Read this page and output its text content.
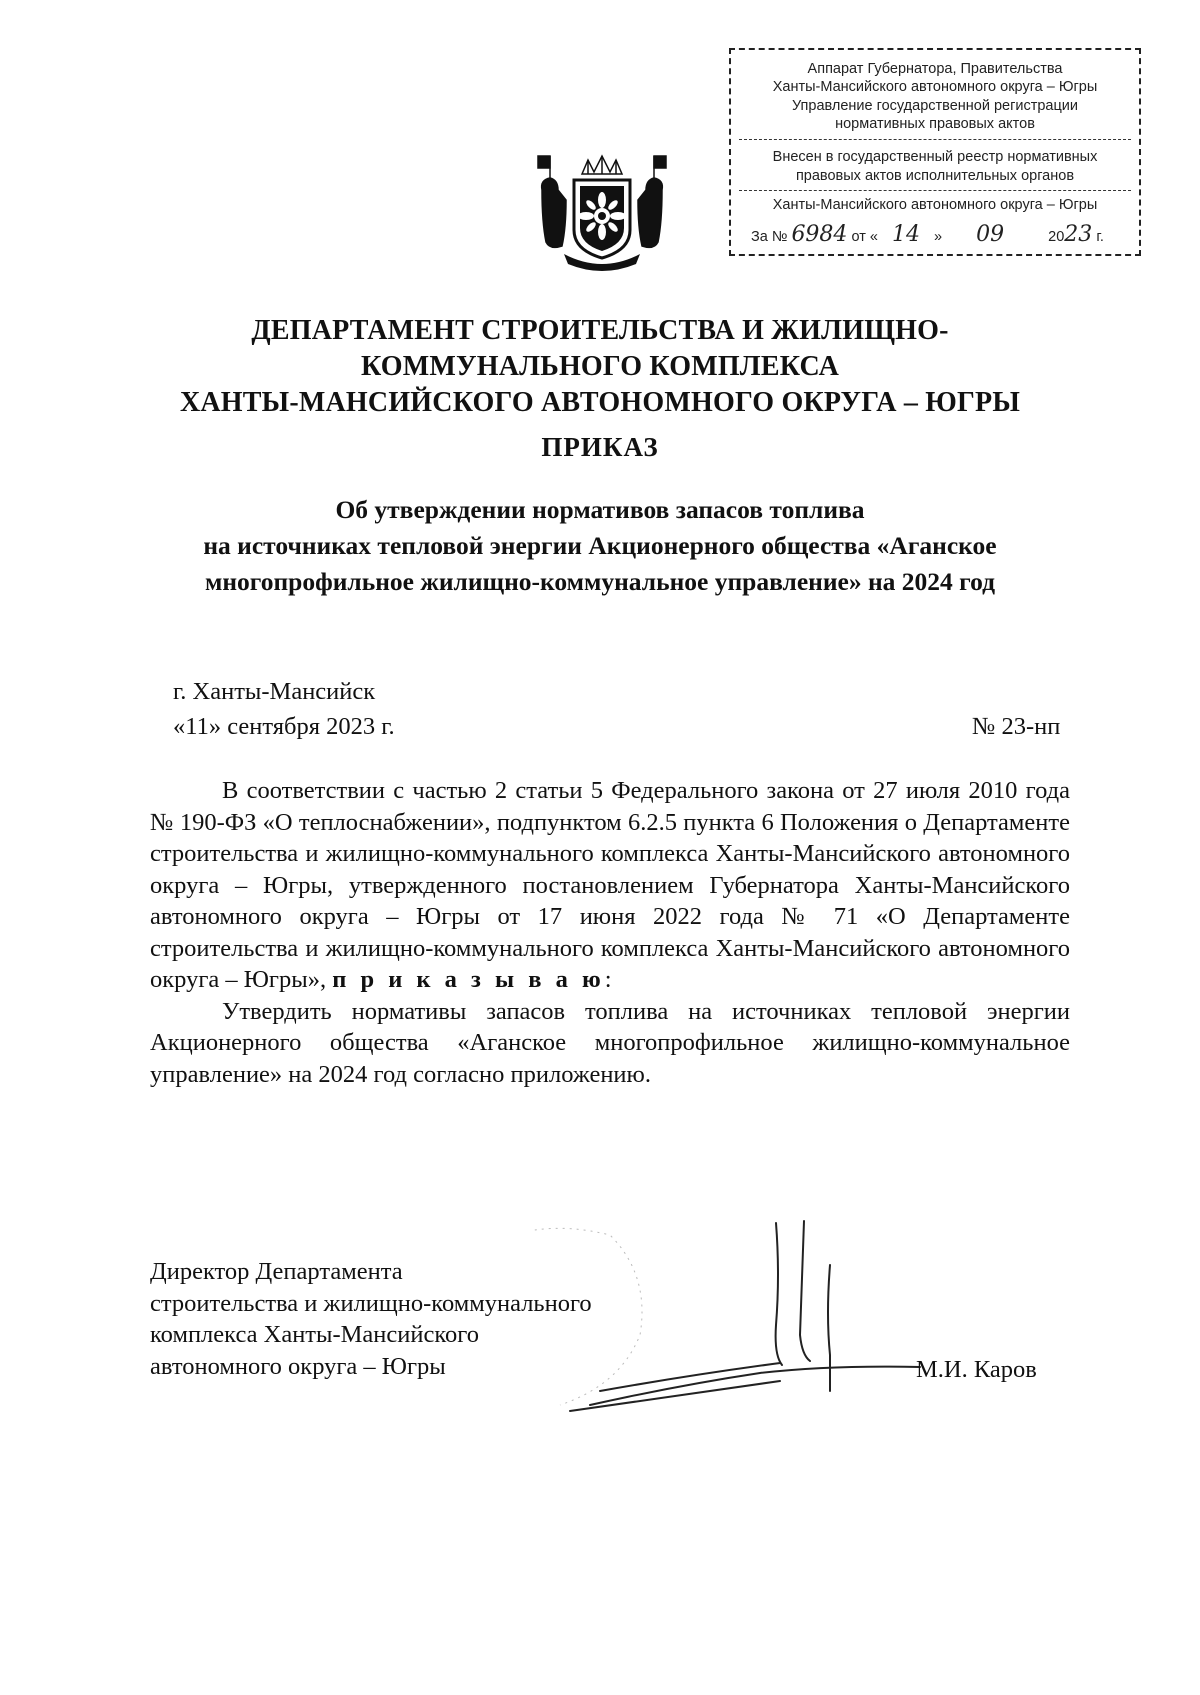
Аппарат Губернатора, Правительства
Ханты-Мансийского автономного округа – Югры
Управление государственной регистрации
нормативных правовых актов
Внесен в государственный реестр нормативных
правовых актов исполнительных органов
Ханты-Мансийского автономного округа – Югры
За № 6984 от « 14 » 09	2023 г.
ДЕПАРТАМЕНТ СТРОИТЕЛЬСТВА И ЖИЛИЩНО-
КОММУНАЛЬНОГО КОМПЛЕКСА
ХАНТЫ-МАНСИЙСКОГО АВТОНОМНОГО ОКРУГА – ЮГРЫ
ПРИКАЗ
Об утверждении нормативов запасов топлива
на источниках тепловой энергии Акционерного общества «Аганское
многопрофильное жилищно-коммунальное управление» на 2024 год
г. Ханты-Мансийск
«11» сентября 2023 г.	№ 23-нп

В соответствии с частью 2 статьи 5 Федерального закона от 27 июля 2010 года № 190-ФЗ «О теплоснабжении», подпунктом 6.2.5 пункта 6 Положения о Департаменте строительства и жилищно-коммунального комплекса Ханты-Мансийского автономного округа – Югры, утвержденного постановлением Губернатора Ханты-Мансийского автономного округа – Югры от 17 июня 2022 года № 71 «О Департаменте строительства и жилищно-коммунального комплекса Ханты-Мансийского автономного округа – Югры», п р и к а з ы в а ю:

Утвердить нормативы запасов топлива на источниках тепловой энергии Акционерного общества «Аганское многопрофильное жилищно-коммунальное управление» на 2024 год согласно приложению.

Директор Департамента
строительства и жилищно-коммунального
комплекса Ханты-Мансийского
автономного округа – Югры	М.И. Каров
